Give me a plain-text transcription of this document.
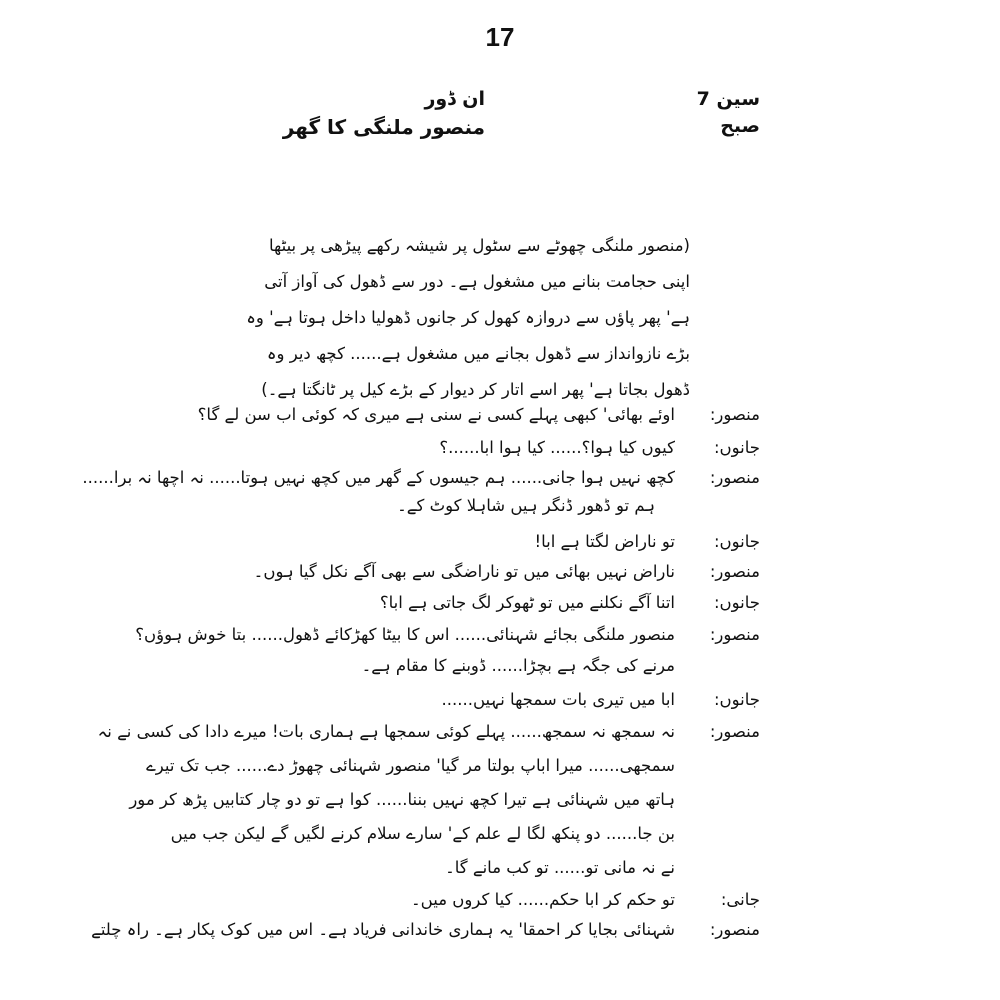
17
سین 7
صبح
ان ڈور
منصور ملنگی کا گھر
(منصور ملنگی چھوٹے سے سٹول پر شیشہ رکھے پیڑھی پر بیٹھا
اپنی حجامت بنانے میں مشغول ہے۔ دور سے ڈھول کی آواز آتی
ہے' پھر پاؤں سے دروازہ کھول کر جانوں ڈھولیا داخل ہوتا ہے' وہ
بڑے نازوانداز سے ڈھول بجانے میں مشغول ہے...... کچھ دیر وہ
ڈھول بجاتا ہے' پھر اسے اتار کر دیوار کے بڑے کیل پر ٹانگتا ہے۔)
منصور:
اوئے بھائی' کبھی پہلے کسی نے سنی ہے میری کہ کوئی اب سن لے گا؟
جانوں:
کیوں کیا ہوا؟...... کیا ہوا ابا......؟
منصور:
کچھ نہیں ہوا جانی...... ہم جیسوں کے گھر میں کچھ نہیں ہوتا...... نہ اچھا نہ برا......
ہم تو ڈھور ڈنگر ہیں شاہلا کوٹ کے۔
جانوں:
تو ناراض لگتا ہے ابا!
منصور:
ناراض نہیں بھائی میں تو ناراضگی سے بھی آگے نکل گیا ہوں۔
جانوں:
اتنا آگے نکلنے میں تو ٹھوکر لگ جاتی ہے ابا؟
منصور:
منصور ملنگی بجائے شہنائی...... اس کا بیٹا کھڑکائے ڈھول...... بتا خوش ہوؤں؟
مرنے کی جگہ ہے بچڑا...... ڈوبنے کا مقام ہے۔
جانوں:
ابا میں تیری بات سمجھا نہیں......
منصور:
نہ سمجھ نہ سمجھ...... پہلے کوئی سمجھا ہے ہماری بات! میرے دادا کی کسی نے نہ
سمجھی...... میرا اباپ بولتا مر گیا' منصور شہنائی چھوڑ دے...... جب تک تیرے
ہاتھ میں شہنائی ہے تیرا کچھ نہیں بننا...... کوا ہے تو دو چار کتابیں پڑھ کر مور
بن جا...... دو پنکھ لگا لے علم کے' سارے سلام کرنے لگیں گے لیکن جب میں
نے نہ مانی تو...... تو کب مانے گا۔
جانی:
تو حکم کر ابا حکم...... کیا کروں میں۔
منصور:
شہنائی بجایا کر احمقا' یہ ہماری خاندانی فریاد ہے۔ اس میں کوک پکار ہے۔ راہ چلتے
